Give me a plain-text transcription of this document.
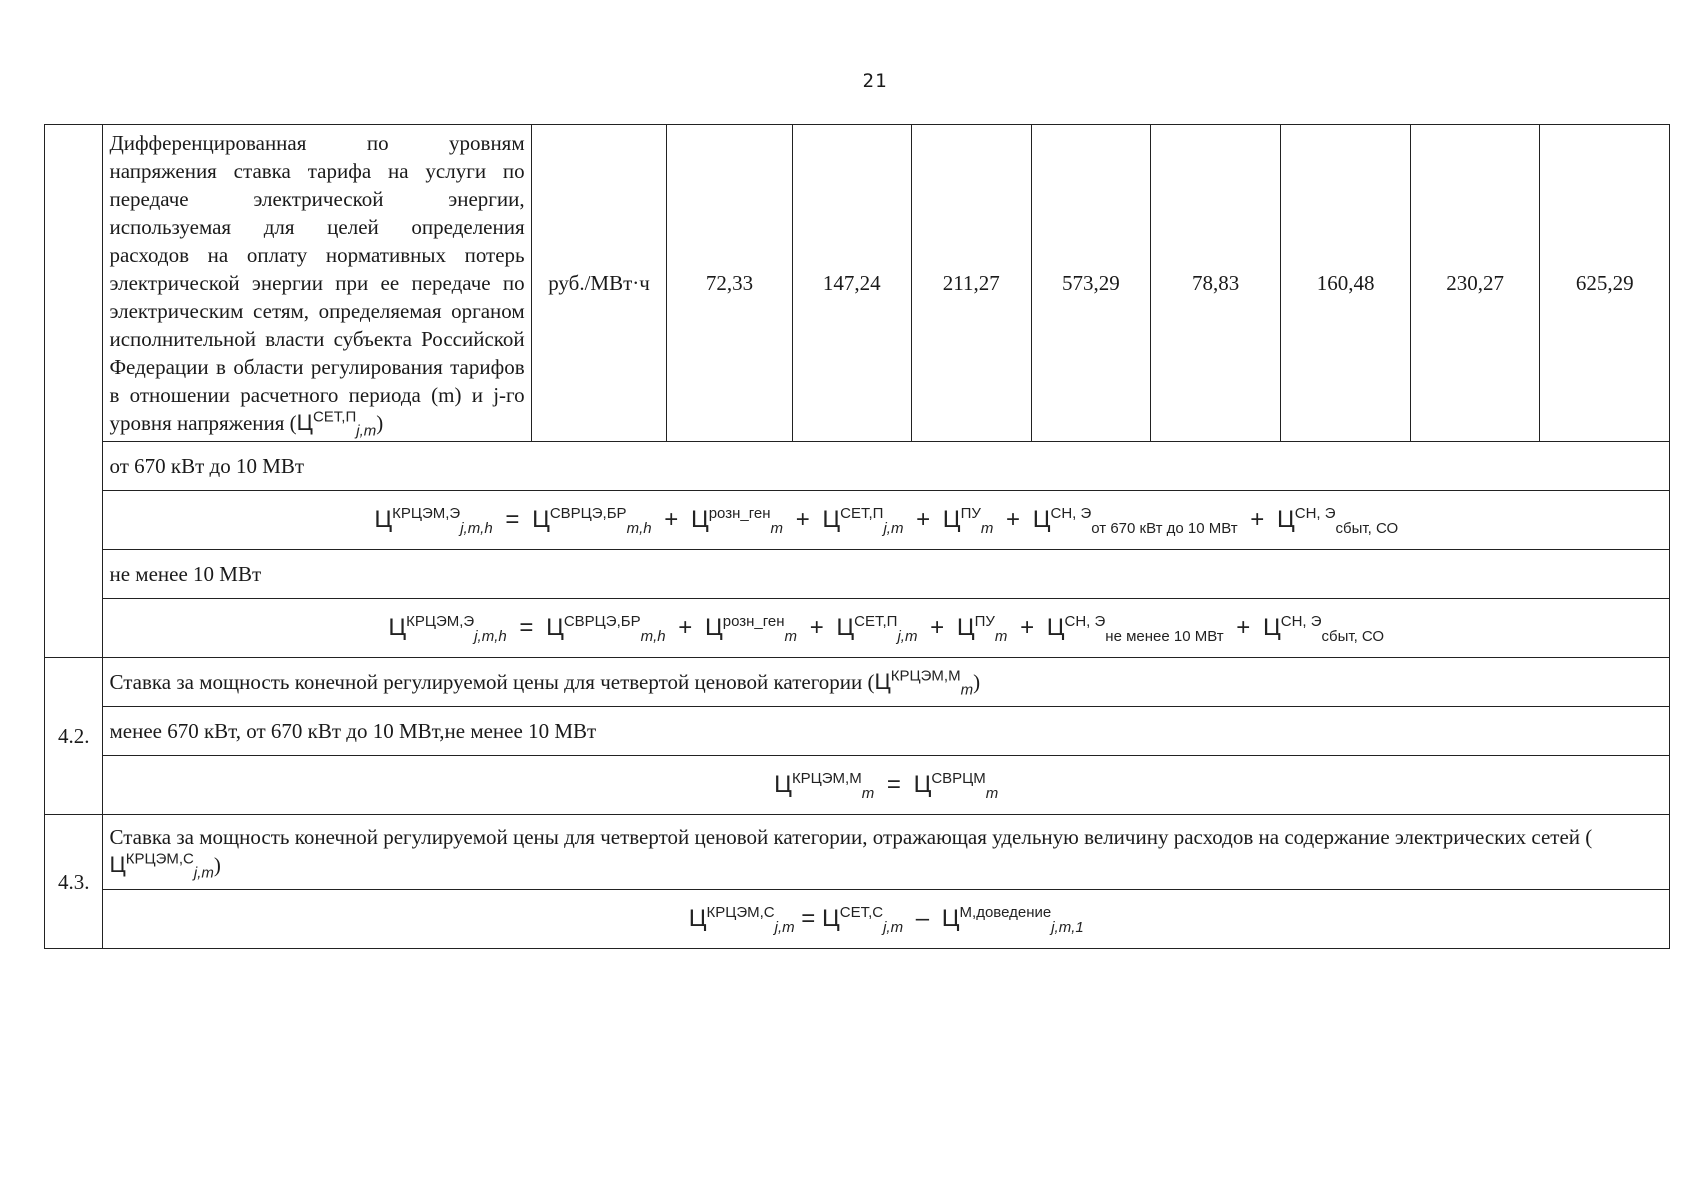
21
	Дифференцированная по уровням напряжения ставка тарифа на услуги по передаче электрической энергии, используемая для целей определения расходов на оплату нормативных потерь электрической энергии при ее передаче по электрическим сетям, определяемая органом исполнительной власти субъекта Российской Федерации в области регулирования тарифов в отношении расчетного периода (m) и j-го уровня напряжения $(Ц^{СЕТ,П}_{j,m})$	руб./МВт·ч	72,33	147,24	211,27	573,29	78,83	160,48	230,27	625,29
	от 670 кВт до 10 МВт									
	$Ц^{КРЦЭМ,Э}_{j,m,h} = Ц^{СВРЦЭ,БР}_{m,h} + Ц^{розн\_ген}_m + Ц^{СЕТ,П}_{j,m} + Ц^{ПУ}_m + Ц^{СН, Э}_{от 670 кВт до 10 МВт} + Ц^{СН, Э}_{сбыт, СО}$
	не менее 10 МВт									
	$Ц^{КРЦЭМ,Э}_{j,m,h} = Ц^{СВРЦЭ,БР}_{m,h} + Ц^{розн\_ген}_m + Ц^{СЕТ,П}_{j,m} + Ц^{ПУ}_m + Ц^{СН, Э}_{не менее 10 МВт} + Ц^{СН, Э}_{сбыт, СО}$
4.2.	Ставка за мощность конечной регулируемой цены для четвертой ценовой категории $(Ц^{КРЦЭМ,М}_m)$									
	менее 670 кВт, от 670 кВт до 10 МВт,не менее 10 МВт									
	$Ц^{КРЦЭМ,М}_m = Ц^{СВРЦМ}_m$
4.3.	Ставка за мощность конечной регулируемой цены для четвертой ценовой категории, отражающая удельную величину расходов на содержание электрических сетей $(Ц^{КРЦЭМ,С}_{j,m})$									
	$Ц^{КРЦЭМ,С}_{j,m} = Ц^{СЕТ,С}_{j,m} - Ц^{М,доведение}_{j,m,1}$
